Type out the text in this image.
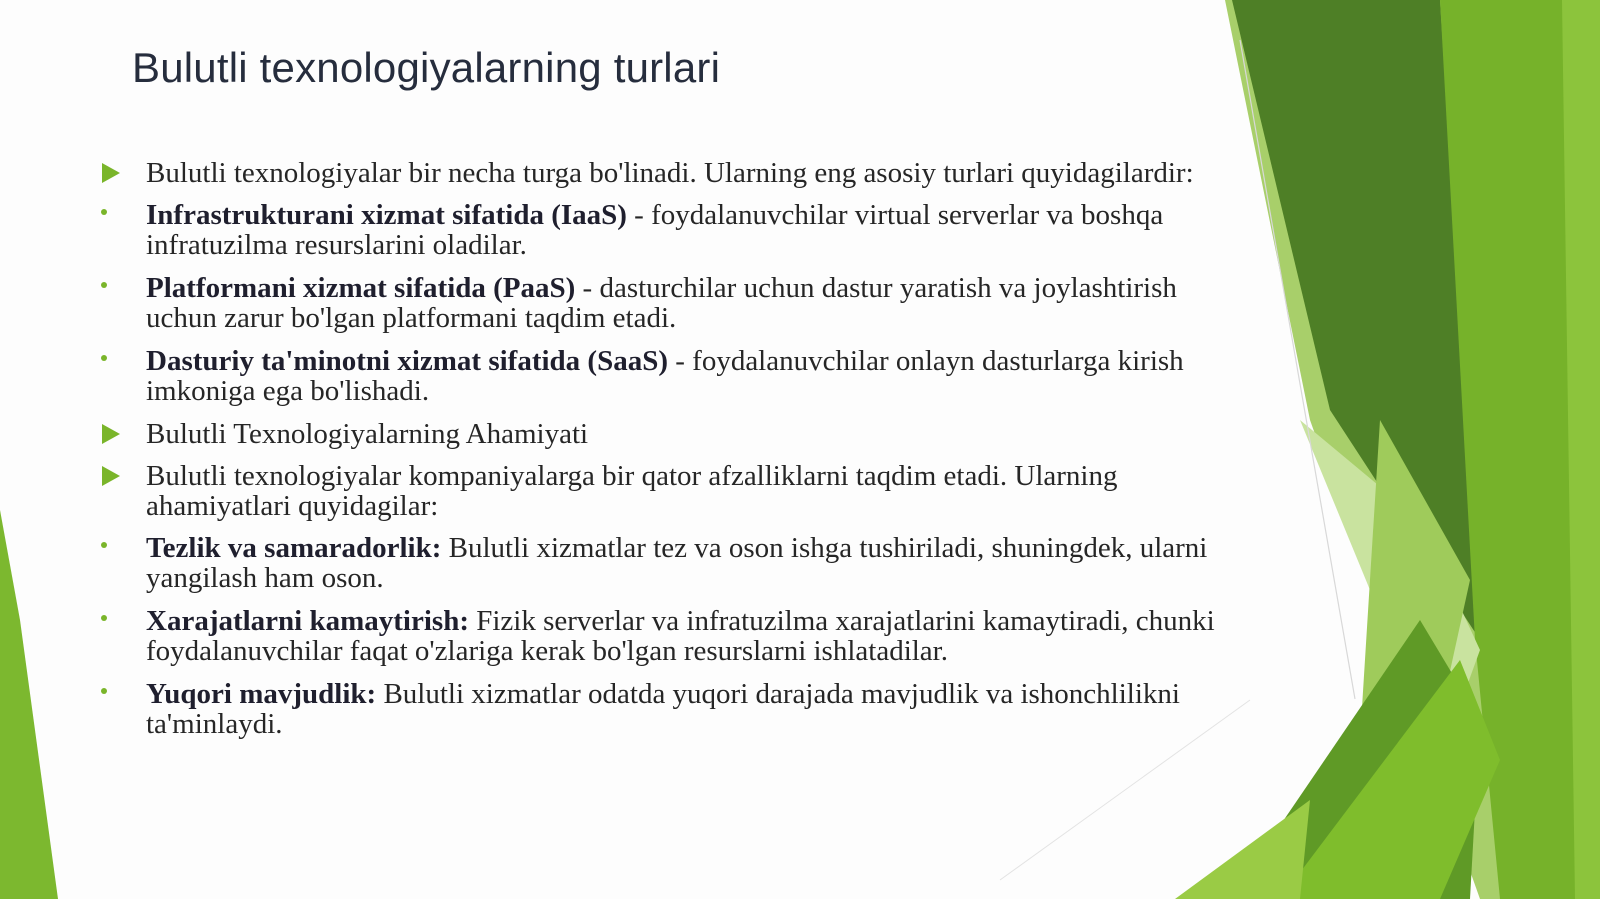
Bulutli texnologiyalarning turlari
Bulutli texnologiyalar bir necha turga bo'linadi. Ularning eng asosiy turlari quyidagilardir:
Infrastrukturani xizmat sifatida (IaaS) - foydalanuvchilar virtual serverlar va boshqa infratuzilma resurslarini oladilar.
Platformani xizmat sifatida (PaaS) - dasturchilar uchun dastur yaratish va joylashtirish uchun zarur bo'lgan platformani taqdim etadi.
Dasturiy ta'minotni xizmat sifatida (SaaS) - foydalanuvchilar onlayn dasturlarga kirish imkoniga ega bo'lishadi.
Bulutli Texnologiyalarning Ahamiyati
Bulutli texnologiyalar kompaniyalarga bir qator afzalliklarni taqdim etadi. Ularning ahamiyatlari quyidagilar:
Tezlik va samaradorlik: Bulutli xizmatlar tez va oson ishga tushiriladi, shuningdek, ularni yangilash ham oson.
Xarajatlarni kamaytirish: Fizik serverlar va infratuzilma xarajatlarini kamaytiradi, chunki foydalanuvchilar faqat o'zlariga kerak bo'lgan resurslarni ishlatadilar.
Yuqori mavjudlik: Bulutli xizmatlar odatda yuqori darajada mavjudlik va ishonchlilikni ta'minlaydi.
